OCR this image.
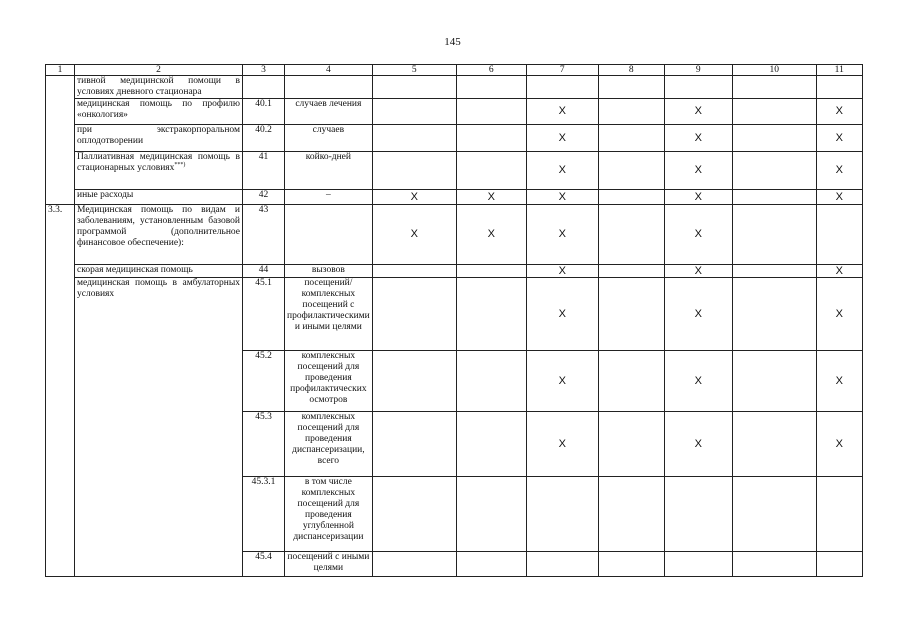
145
1	2	3	4	5	6	7	8	9	10	11
	тивной медицинской помощи в условиях дневного стационара									
	медицинская помощь по профилю «онкология»	40.1	случаев лечения			X		X		X
	при экстракорпоральном оплодотворении	40.2	случаев			X		X		X
	Паллиативная медицинская помощь в стационарных условиях***)	41	койко-дней			X		X		X
	иные расходы	42	–	X	X	X		X		X
3.3.	Медицинская помощь по видам и заболеваниям, установленным базовой программой (дополнительное финансовое обеспечение):	43		X	X	X		X		
	скорая медицинская помощь	44	вызовов			X		X		X
	медицинская помощь в амбулаторных условиях	45.1	посещений/комплексных посещений с профилактическими и иными целями			X		X		X
		45.2	комплексных посещений для проведения профилактических осмотров			X		X		X
		45.3	комплексных посещений для проведения диспансеризации, всего			X		X		X
		45.3.1	в том числе комплексных посещений для проведения углубленной диспансеризации							
		45.4	посещений с иными целями							
